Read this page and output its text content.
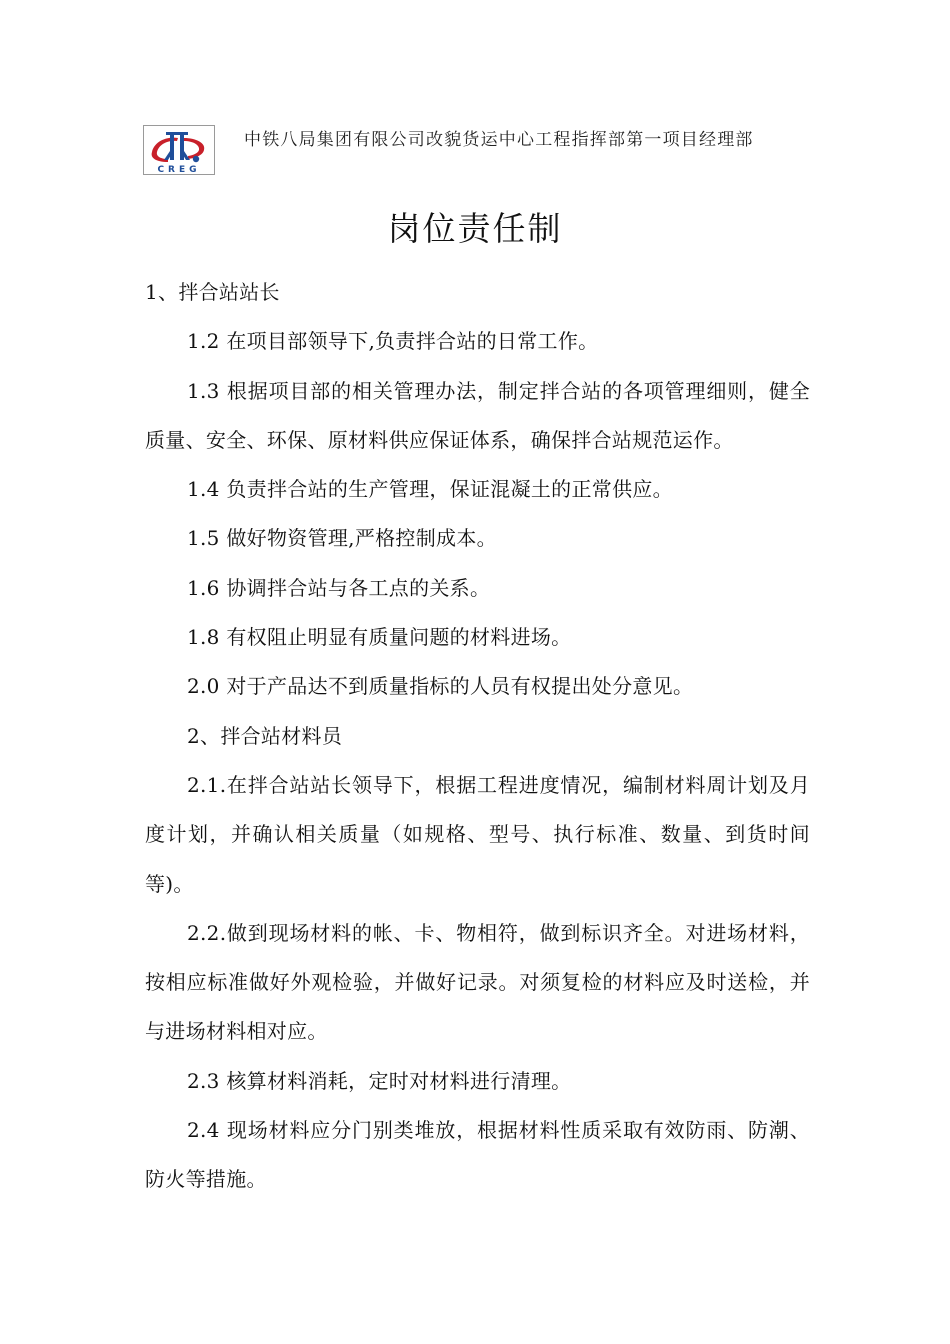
CREG
中铁八局集团有限公司改貌货运中心工程指挥部第一项目经理部
岗位责任制

1、拌合站站长

1.2 在项目部领导下,负责拌合站的日常工作。

1.3 根据项目部的相关管理办法，制定拌合站的各项管理细则，健全质量、安全、环保、原材料供应保证体系，确保拌合站规范运作。

1.4 负责拌合站的生产管理，保证混凝土的正常供应。

1.5 做好物资管理,严格控制成本。

1.6 协调拌合站与各工点的关系。

1.8 有权阻止明显有质量问题的材料进场。

2.0 对于产品达不到质量指标的人员有权提出处分意见。

2、拌合站材料员

2.1.在拌合站站长领导下，根据工程进度情况，编制材料周计划及月度计划，并确认相关质量（如规格、型号、执行标准、数量、到货时间等)。

2.2.做到现场材料的帐、卡、物相符，做到标识齐全。对进场材料，按相应标准做好外观检验，并做好记录。对须复检的材料应及时送检，并与进场材料相对应。

2.3 核算材料消耗，定时对材料进行清理。

2.4 现场材料应分门别类堆放，根据材料性质采取有效防雨、防潮、防火等措施。
